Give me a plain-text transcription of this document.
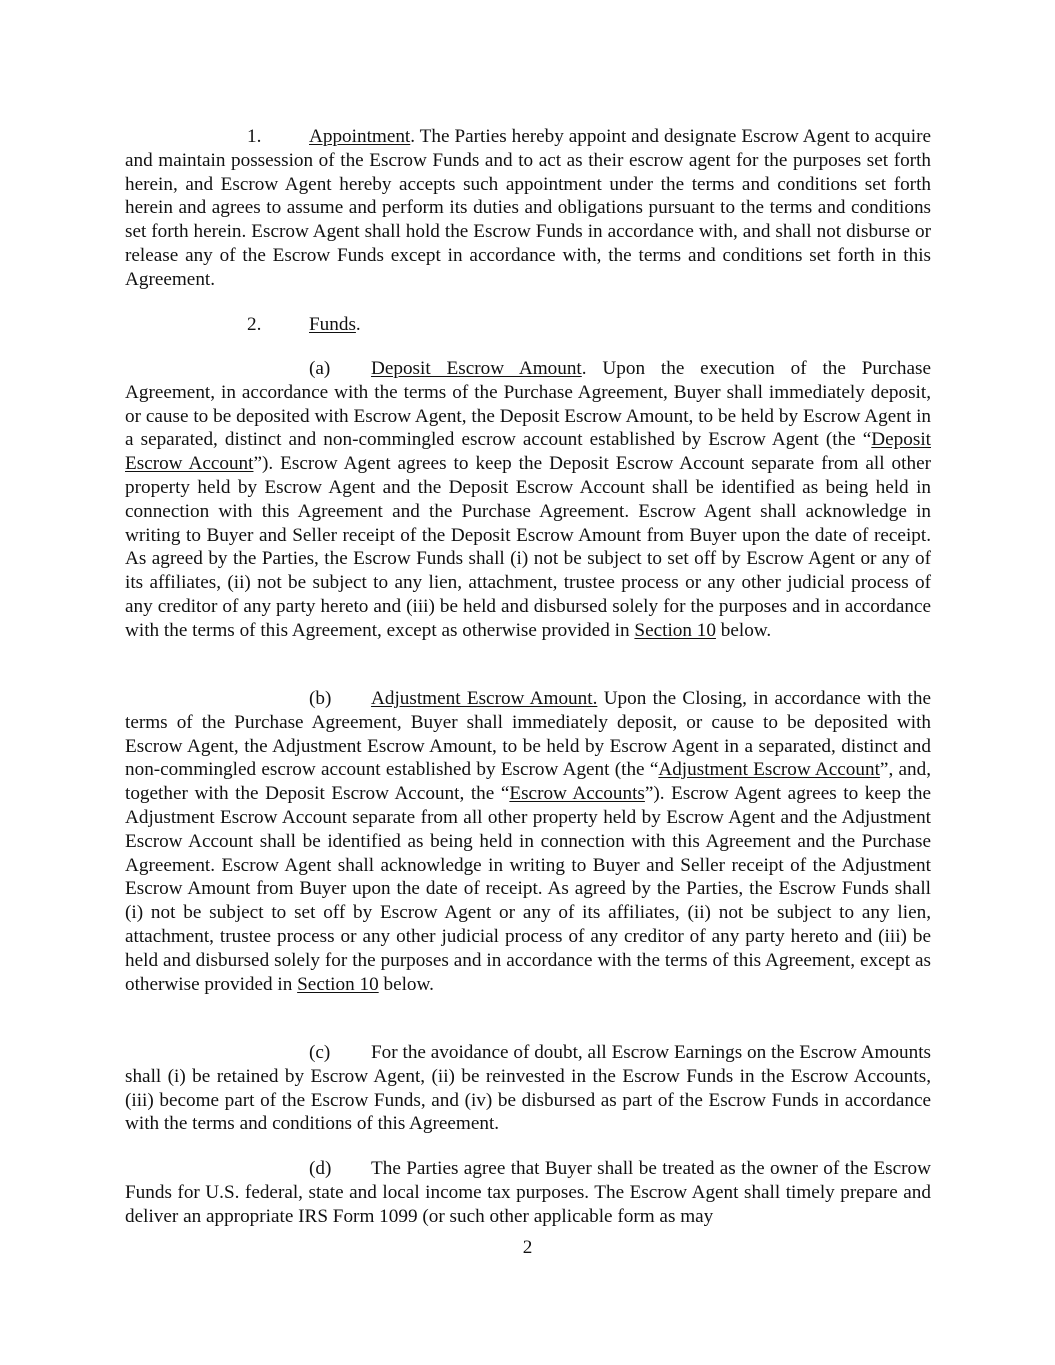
1. Appointment. The Parties hereby appoint and designate Escrow Agent to acquire and maintain possession of the Escrow Funds and to act as their escrow agent for the purposes set forth herein, and Escrow Agent hereby accepts such appointment under the terms and conditions set forth herein and agrees to assume and perform its duties and obligations pursuant to the terms and conditions set forth herein. Escrow Agent shall hold the Escrow Funds in accordance with, and shall not disburse or release any of the Escrow Funds except in accordance with, the terms and conditions set forth in this Agreement.

2. Funds.

(a) Deposit Escrow Amount. Upon the execution of the Purchase Agreement, in accordance with the terms of the Purchase Agreement, Buyer shall immediately deposit, or cause to be deposited with Escrow Agent, the Deposit Escrow Amount, to be held by Escrow Agent in a separated, distinct and non-commingled escrow account established by Escrow Agent (the “Deposit Escrow Account”). Escrow Agent agrees to keep the Deposit Escrow Account separate from all other property held by Escrow Agent and the Deposit Escrow Account shall be identified as being held in connection with this Agreement and the Purchase Agreement. Escrow Agent shall acknowledge in writing to Buyer and Seller receipt of the Deposit Escrow Amount from Buyer upon the date of receipt. As agreed by the Parties, the Escrow Funds shall (i) not be subject to set off by Escrow Agent or any of its affiliates, (ii) not be subject to any lien, attachment, trustee process or any other judicial process of any creditor of any party hereto and (iii) be held and disbursed solely for the purposes and in accordance with the terms of this Agreement, except as otherwise provided in Section 10 below.

(b) Adjustment Escrow Amount. Upon the Closing, in accordance with the terms of the Purchase Agreement, Buyer shall immediately deposit, or cause to be deposited with Escrow Agent, the Adjustment Escrow Amount, to be held by Escrow Agent in a separated, distinct and non-commingled escrow account established by Escrow Agent (the “Adjustment Escrow Account”, and, together with the Deposit Escrow Account, the “Escrow Accounts”). Escrow Agent agrees to keep the Adjustment Escrow Account separate from all other property held by Escrow Agent and the Adjustment Escrow Account shall be identified as being held in connection with this Agreement and the Purchase Agreement. Escrow Agent shall acknowledge in writing to Buyer and Seller receipt of the Adjustment Escrow Amount from Buyer upon the date of receipt. As agreed by the Parties, the Escrow Funds shall (i) not be subject to set off by Escrow Agent or any of its affiliates, (ii) not be subject to any lien, attachment, trustee process or any other judicial process of any creditor of any party hereto and (iii) be held and disbursed solely for the purposes and in accordance with the terms of this Agreement, except as otherwise provided in Section 10 below.

(c) For the avoidance of doubt, all Escrow Earnings on the Escrow Amounts shall (i) be retained by Escrow Agent, (ii) be reinvested in the Escrow Funds in the Escrow Accounts, (iii) become part of the Escrow Funds, and (iv) be disbursed as part of the Escrow Funds in accordance with the terms and conditions of this Agreement.

(d) The Parties agree that Buyer shall be treated as the owner of the Escrow Funds for U.S. federal, state and local income tax purposes. The Escrow Agent shall timely prepare and deliver an appropriate IRS Form 1099 (or such other applicable form as may

2
